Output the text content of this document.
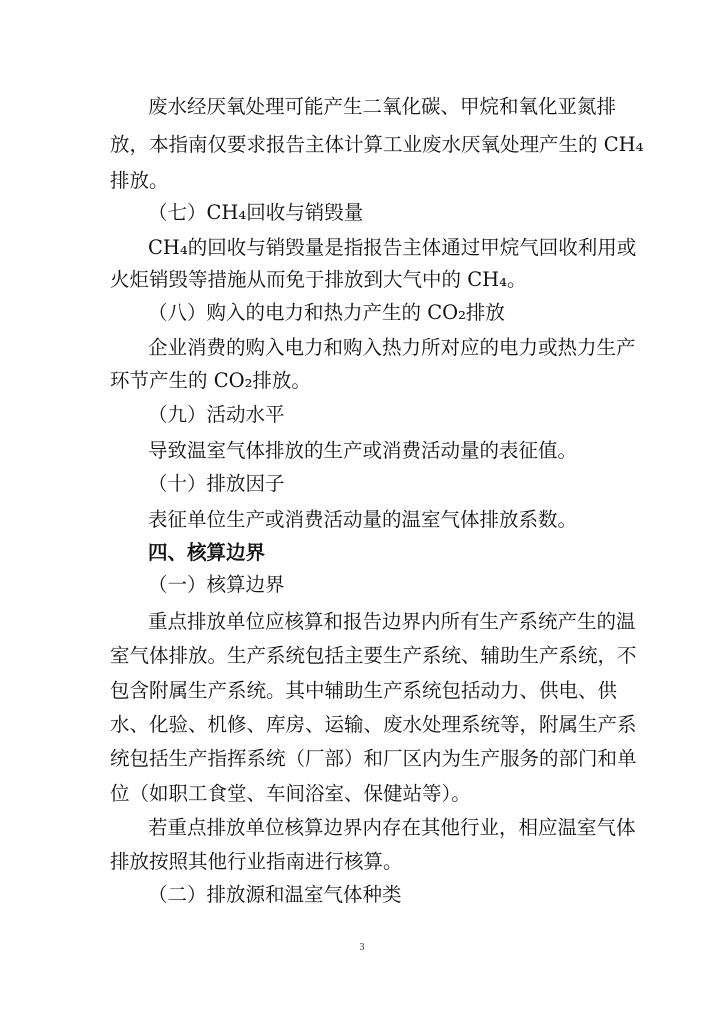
废水经厌氧处理可能产生二氧化碳、甲烷和氧化亚氮排
放，本指南仅要求报告主体计算工业废水厌氧处理产生的 CH₄
排放。
（七）CH₄回收与销毁量
CH₄的回收与销毁量是指报告主体通过甲烷气回收利用或
火炬销毁等措施从而免于排放到大气中的 CH₄。
（八）购入的电力和热力产生的 CO₂排放
企业消费的购入电力和购入热力所对应的电力或热力生产
环节产生的 CO₂排放。
（九）活动水平
导致温室气体排放的生产或消费活动量的表征值。
（十）排放因子
表征单位生产或消费活动量的温室气体排放系数。
四、核算边界
（一）核算边界
重点排放单位应核算和报告边界内所有生产系统产生的温
室气体排放。生产系统包括主要生产系统、辅助生产系统，不
包含附属生产系统。其中辅助生产系统包括动力、供电、供
水、化验、机修、库房、运输、废水处理系统等，附属生产系
统包括生产指挥系统（厂部）和厂区内为生产服务的部门和单
位（如职工食堂、车间浴室、保健站等）。
若重点排放单位核算边界内存在其他行业，相应温室气体
排放按照其他行业指南进行核算。
（二）排放源和温室气体种类
3
